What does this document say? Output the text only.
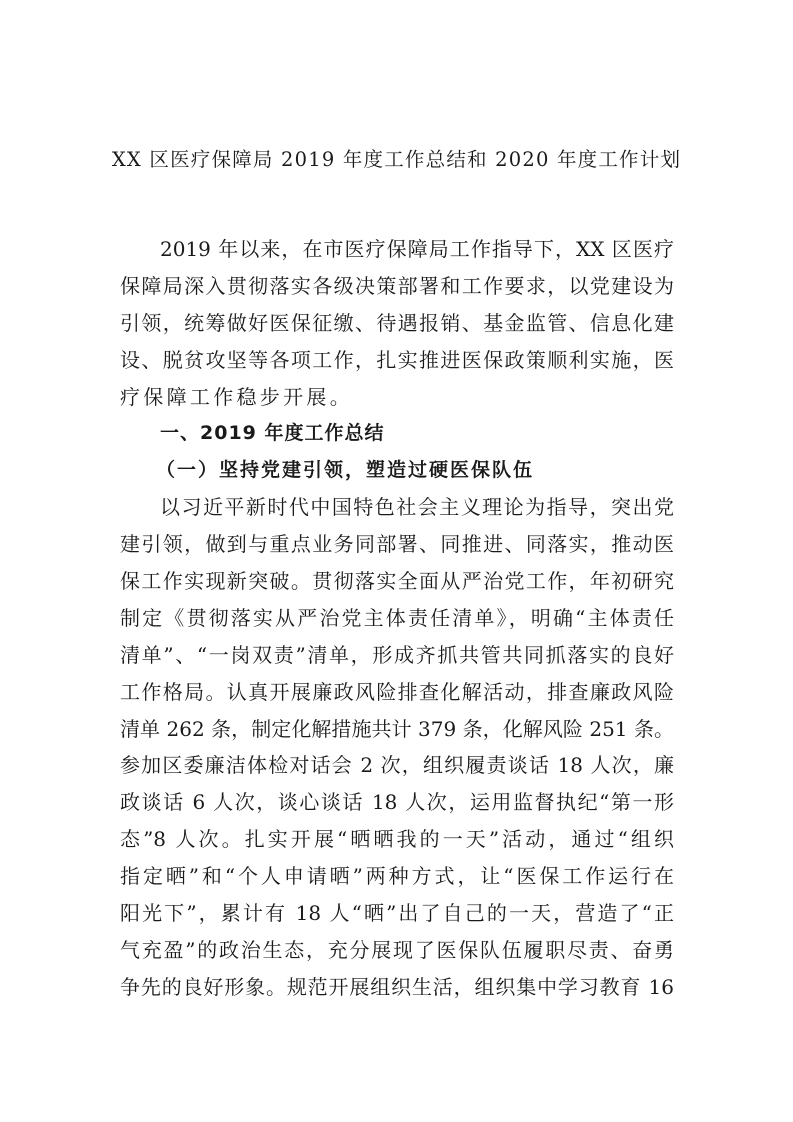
XX 区医疗保障局 2019 年度工作总结和 2020 年度工作计划
2019 年以来，在市医疗保障局工作指导下，XX 区医疗
保障局深入贯彻落实各级决策部署和工作要求，以党建设为
引领，统筹做好医保征缴、待遇报销、基金监管、信息化建
设、脱贫攻坚等各项工作，扎实推进医保政策顺利实施，医
疗保障工作稳步开展。
一、2019 年度工作总结
（一）坚持党建引领，塑造过硬医保队伍
以习近平新时代中国特色社会主义理论为指导，突出党
建引领，做到与重点业务同部署、同推进、同落实，推动医
保工作实现新突破。贯彻落实全面从严治党工作，年初研究
制定《贯彻落实从严治党主体责任清单》，明确“主体责任
清单”、“一岗双责”清单，形成齐抓共管共同抓落实的良好
工作格局。认真开展廉政风险排查化解活动，排查廉政风险
清单 262 条，制定化解措施共计 379 条，化解风险 251 条。
参加区委廉洁体检对话会 2 次，组织履责谈话 18 人次，廉
政谈话 6 人次，谈心谈话 18 人次，运用监督执纪“第一形
态”8 人次。扎实开展“晒晒我的一天”活动，通过“组织
指定晒”和“个人申请晒”两种方式，让“医保工作运行在
阳光下”，累计有 18 人“晒”出了自己的一天，营造了“正
气充盈”的政治生态，充分展现了医保队伍履职尽责、奋勇
争先的良好形象。规范开展组织生活，组织集中学习教育 16
